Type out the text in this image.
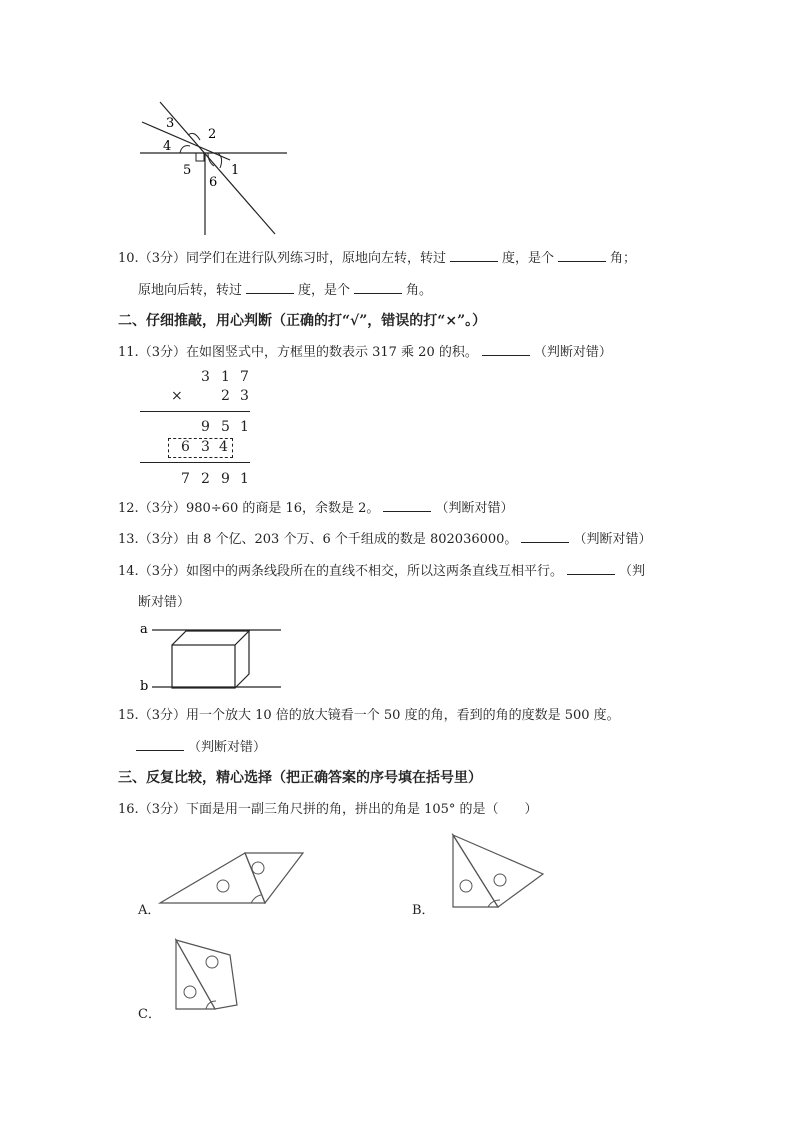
3
2
4
5
6
1
10.（3分）同学们在进行队列练习时，原地向左转，转过	度，是个	角；
原地向后转，转过	度，是个	角。
二、仔细推敲，用心判断（正确的打“√”，错误的打“×”。）
11.（3分）在如图竖式中，方框里的数表示 317 乘 20 的积。	（判断对错）
3 1 7
×	2 3
9 5 1
6 3 4
7 2 9 1
12.（3分）980÷60 的商是 16，余数是 2。	（判断对错）
13.（3分）由 8 个亿、203 个万、6 个千组成的数是 802036000。	（判断对错）
14.（3分）如图中的两条线段所在的直线不相交，所以这两条直线互相平行。	（判
断对错）
a
b
15.（3分）用一个放大 10 倍的放大镜看一个 50 度的角，看到的角的度数是 500 度。
（判断对错）
三、反复比较，精心选择（把正确答案的序号填在括号里）
16.（3分）下面是用一副三角尺拼的角，拼出的角是 105° 的是（　　）
A．	B．
C．
